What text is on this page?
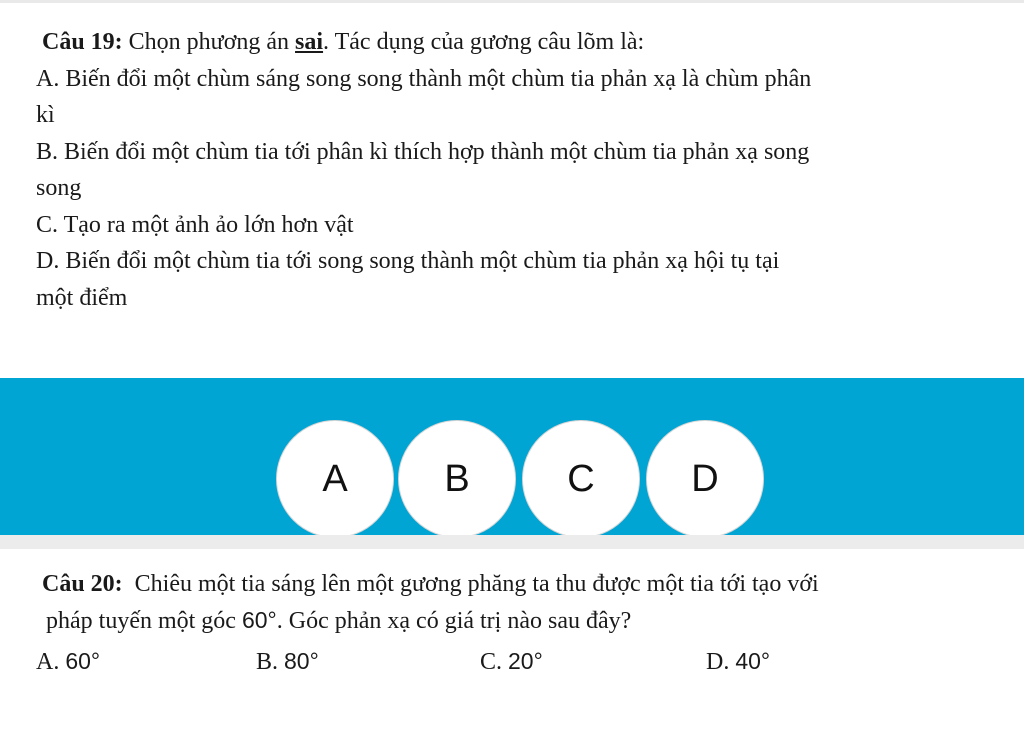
Câu 19: Chọn phương án sai. Tác dụng của gương câu lõm là:
A. Biến đổi một chùm sáng song song thành một chùm tia phản xạ là chùm phân
kì
B. Biến đổi một chùm tia tới phân kì thích hợp thành một chùm tia phản xạ song
song
C. Tạo ra một ảnh ảo lớn hơn vật
D. Biến đổi một chùm tia tới song song thành một chùm tia phản xạ hội tụ tại
một điểm
A	B	C	D
Câu 20:  Chiêu một tia sáng lên một gương phăng ta thu được một tia tới tạo với
pháp tuyến một góc 60°. Góc phản xạ có giá trị nào sau đây?
A. 60°	B. 80°	C. 20°	D. 40°
